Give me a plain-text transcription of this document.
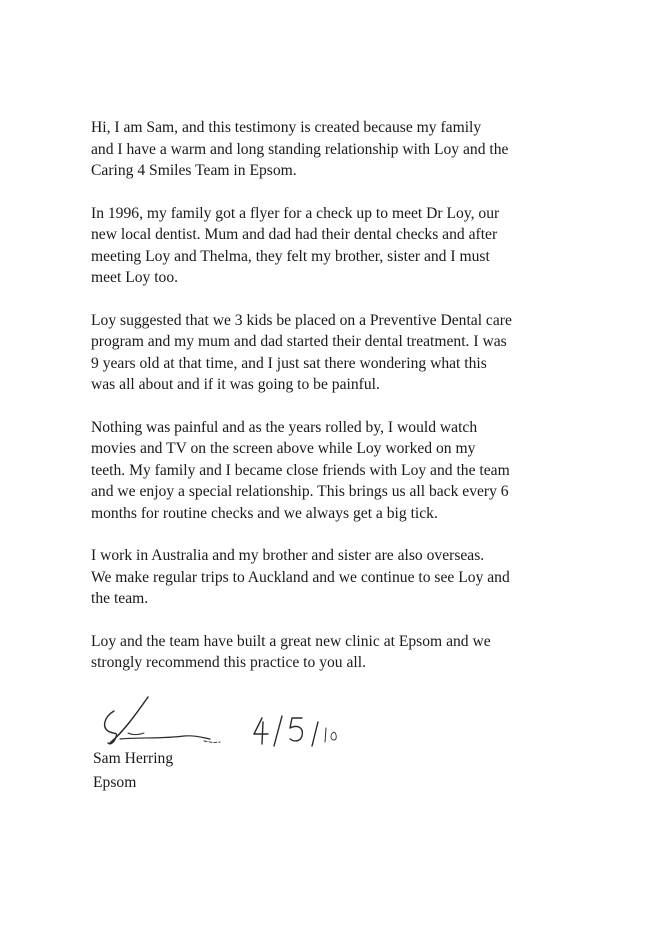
Hi, I am Sam, and this testimony is created because my family
and I have a warm and long standing relationship with Loy and the
Caring 4 Smiles Team in Epsom.

In 1996, my family got a flyer for a check up to meet Dr Loy, our
new local dentist. Mum and dad had their dental checks and after
meeting Loy and Thelma, they felt my brother, sister and I must
meet Loy too.

Loy suggested that we 3 kids be placed on a Preventive Dental care
program and my mum and dad started their dental treatment. I was
9 years old at that time, and I just sat there wondering what this
was all about and if it was going to be painful.

Nothing was painful and as the years rolled by, I would watch
movies and TV on the screen above while Loy worked on my
teeth. My family and I became close friends with Loy and the team
and we enjoy a special relationship. This brings us all back every 6
months for routine checks and we always get a big tick.

I work in Australia and my brother and sister are also overseas.
We make regular trips to Auckland and we continue to see Loy and
the team.

Loy and the team have built a great new clinic at Epsom and we
strongly recommend this practice to you all.

Sam Herring
Epsom
